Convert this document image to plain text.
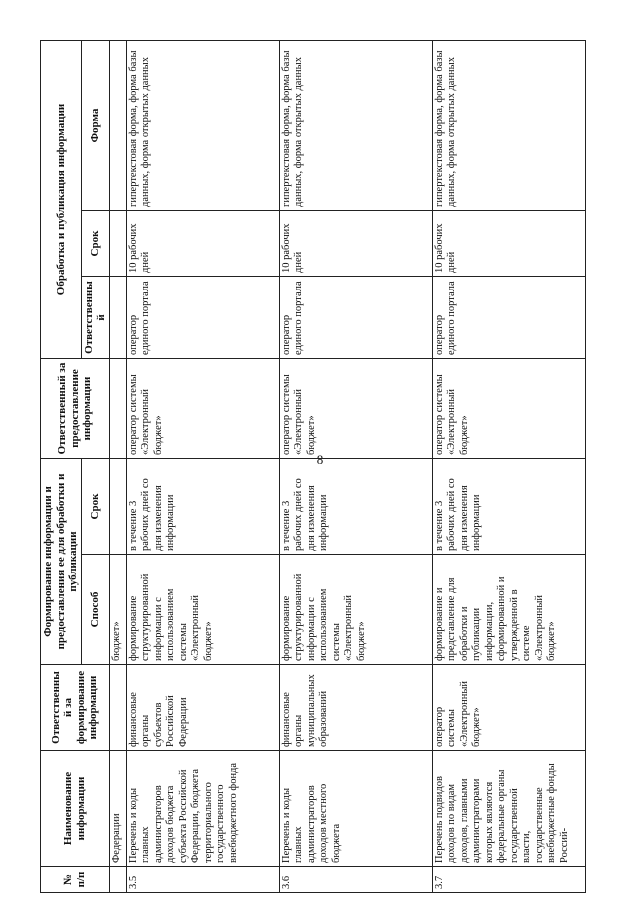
8
№ п/п	Наименование информации	Ответственный за формирование информации	Формирование информации и предоставления ее для обработки и публикации		Ответственный за предоставление информации	Обработка и публикация информации		
			Способ	Срок		Ответственный	Срок	Форма
	Федерации		бюджет»					
3.5	Перечень и коды главных администраторов доходов бюджета субъекта Российской Федерации, бюджета территориального государственного внебюджетного фонда	финансовые органы субъектов Российской Федерации	формирование структурированной информации с использованием системы «Электронный бюджет»	в течение 3 рабочих дней со дня изменения информации	оператор системы «Электронный бюджет»	оператор единого портала	10 рабочих дней	гипертекстовая форма, форма базы данных, форма открытых данных
3.6	Перечень и коды главных администраторов доходов местного бюджета	финансовые органы муниципальных образований	формирование структурированной информации с использованием системы «Электронный бюджет»	в течение 3 рабочих дней со дня изменения информации	оператор системы «Электронный бюджет»	оператор единого портала	10 рабочих дней	гипертекстовая форма, форма базы данных, форма открытых данных
3.7	Перечень подвидов доходов по видам доходов, главными администраторами которых являются федеральные органы государственной власти, государственные внебюджетные фонды Россий-	оператор системы «Электронный бюджет»	формирование и представление для обработки и публикации информации, сформированной и утвержденной в системе «Электронный бюджет»	в течение 3 рабочих дней со дня изменения информации	оператор системы «Электронный бюджет»	оператор единого портала	10 рабочих дней	гипертекстовая форма, форма базы данных, форма открытых данных
